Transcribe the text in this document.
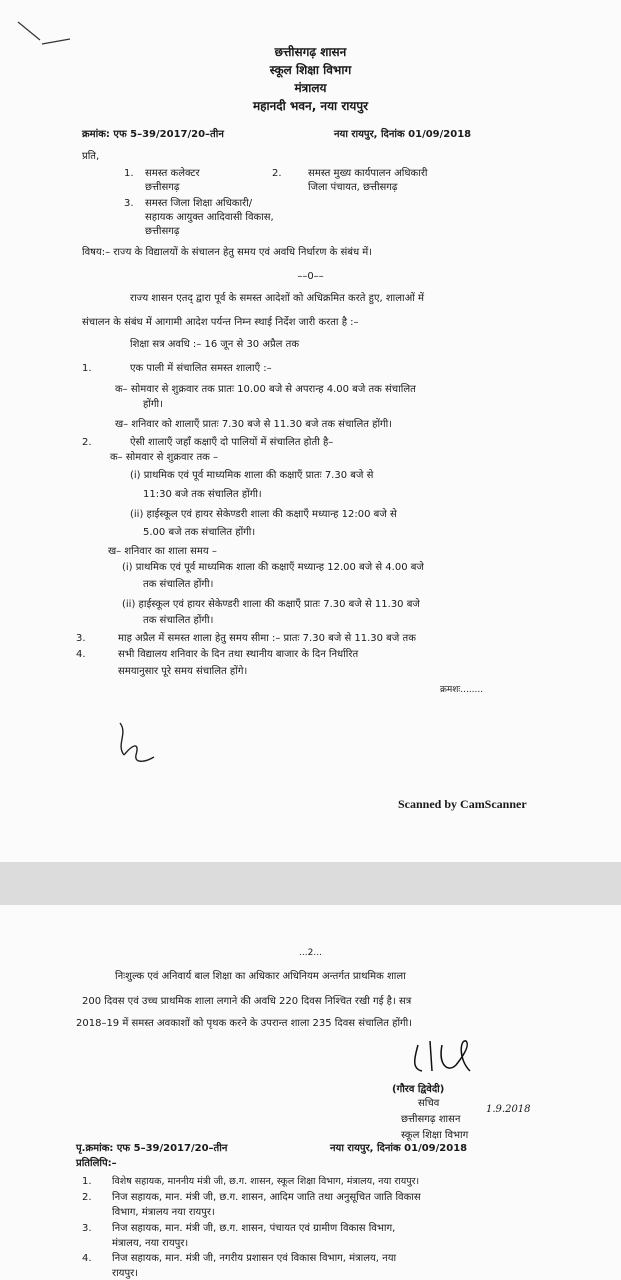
छत्तीसगढ़ शासन
स्कूल शिक्षा विभाग
मंत्रालय
महानदी भवन, नया रायपुर
क्रमांक: एफ 5–39/2017/20–तीन	नया रायपुर, दिनांक 01/09/2018
प्रति,
1. समस्त कलेक्टर
छत्तीसगढ़
2.	समस्त मुख्य कार्यपालन अधिकारी
जिला पंचायत, छत्तीसगढ़
3. समस्त जिला शिक्षा अधिकारी/
सहायक आयुक्त आदिवासी विकास,
छत्तीसगढ़
विषय:– राज्य के विद्यालयों के संचालन हेतु समय एवं अवधि निर्धारण के संबंध में।
––0––
राज्य शासन एतद् द्वारा पूर्व के समस्त आदेशों को अधिक्रमित करते हुए, शालाओं में
संचालन के संबंध में आगामी आदेश पर्यन्त निम्न स्थाई निर्देश जारी करता है :–
शिक्षा सत्र अवधि :– 16 जून से 30 अप्रैल तक
1.	एक पाली में संचालित समस्त शालाएँ :–
क– सोमवार से शुक्रवार तक प्रातः 10.00 बजे से अपरान्ह 4.00 बजे तक संचालित
होंगी।
ख– शनिवार को शालाएँ प्रातः 7.30 बजे से 11.30 बजे तक संचालित होंगी।
2.	ऐसी शालाएँ जहाँ कक्षाएँ दो पालियों में संचालित होती है–
क– सोमवार से शुक्रवार तक –
(i) प्राथमिक एवं पूर्व माध्यमिक शाला की कक्षाएँ प्रातः 7.30 बजे से
11:30 बजे तक संचालित होंगी।
(ii) हाईस्कूल एवं हायर सेकेण्डरी शाला की कक्षाएँ मध्यान्ह 12:00 बजे से
5.00 बजे तक संचालित होंगी।
ख– शनिवार का शाला समय –
(i) प्राथमिक एवं पूर्व माध्यमिक शाला की कक्षाएँ मध्यान्ह 12.00 बजे से 4.00 बजे
तक संचालित होंगी।
(ii) हाईस्कूल एवं हायर सेकेण्डरी शाला की कक्षाएँ प्रातः 7.30 बजे से 11.30 बजे
तक संचालित होंगी।
3.	माह अप्रैल में समस्त शाला हेतु समय सीमा :– प्रातः 7.30 बजे से 11.30 बजे तक
4.	सभी विद्यालय शनिवार के दिन तथा स्थानीय बाजार के दिन निर्धारित
समयानुसार पूरे समय संचालित होंगे।
क्रमशः........
Scanned by CamScanner
...2...
निःशुल्क एवं अनिवार्य बाल शिक्षा का अधिकार अधिनियम अन्तर्गत प्राथमिक शाला
200 दिवस एवं उच्च प्राथमिक शाला लगाने की अवधि 220 दिवस निश्चित रखी गई है। सत्र
2018–19 में समस्त अवकाशों को पृथक करने के उपरान्त शाला 235 दिवस संचालित होंगी।
(गौरव द्विवेदी)
सचिव
छत्तीसगढ़ शासन
स्कूल शिक्षा विभाग
1.9.2018
पृ.क्रमांक: एफ 5–39/2017/20–तीन	नया रायपुर, दिनांक 01/09/2018
प्रतिलिपि:–
1. विशेष सहायक, माननीय मंत्री जी, छ.ग. शासन, स्कूल शिक्षा विभाग, मंत्रालय, नया रायपुर।
2. निज सहायक, मान. मंत्री जी, छ.ग. शासन, आदिम जाति तथा अनुसूचित जाति विकास
विभाग, मंत्रालय नया रायपुर।
3. निज सहायक, मान. मंत्री जी, छ.ग. शासन, पंचायत एवं ग्रामीण विकास विभाग,
मंत्रालय, नया रायपुर।
4. निज सहायक, मान. मंत्री जी, नगरीय प्रशासन एवं विकास विभाग, मंत्रालय, नया
रायपुर।
